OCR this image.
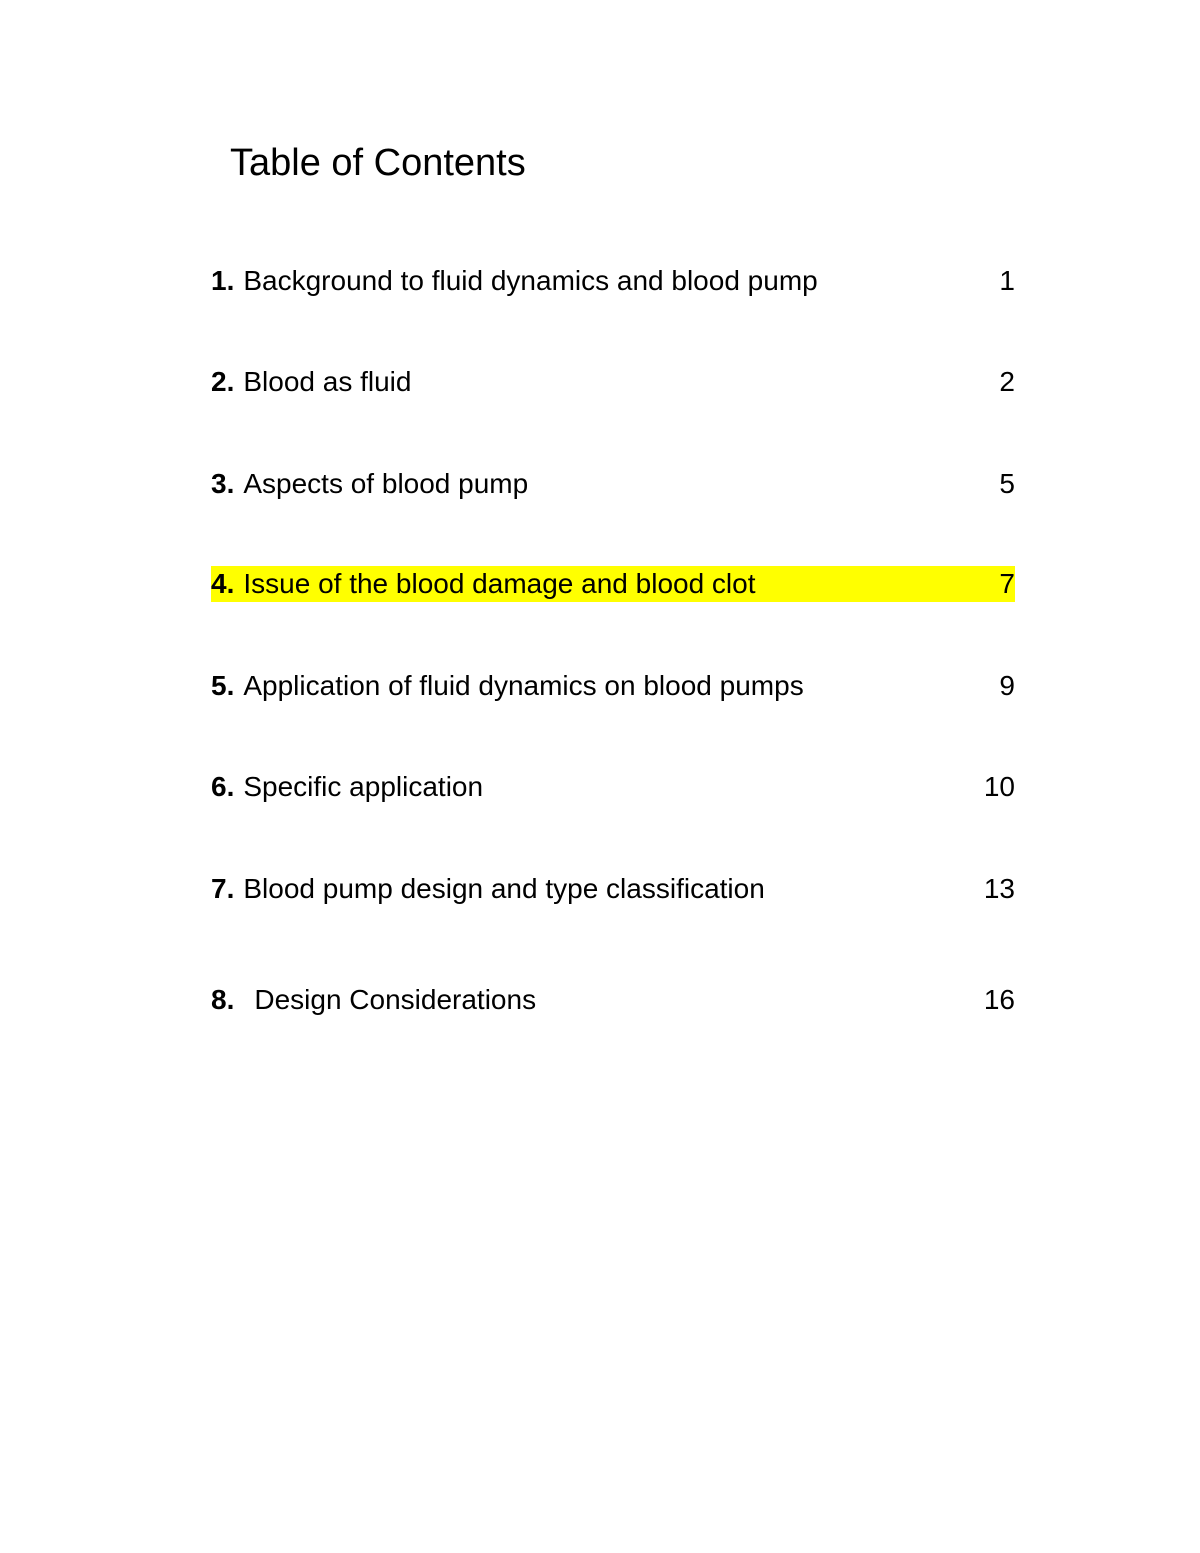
Table of Contents
1. Background to fluid dynamics and blood pump	1
2. Blood as fluid	2
3. Aspects of blood pump	5
4. Issue of the blood damage and blood clot	7
5. Application of fluid dynamics on blood pumps	9
6. Specific application	10
7. Blood pump design and type classification	13
8. Design Considerations	16
